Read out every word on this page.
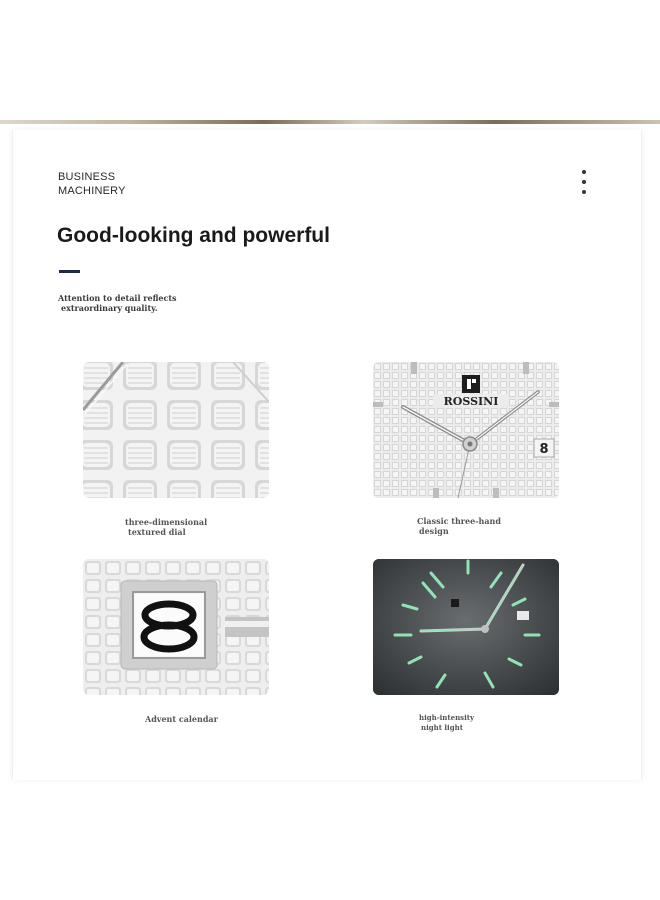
BUSINESS
MACHINERY
Good-looking and powerful
Attention to detail reflects
extraordinary quality.
three-dimensional
textured dial
ROSSINI
8
Classic three-hand
design
Advent calendar	high-intensity
night light
